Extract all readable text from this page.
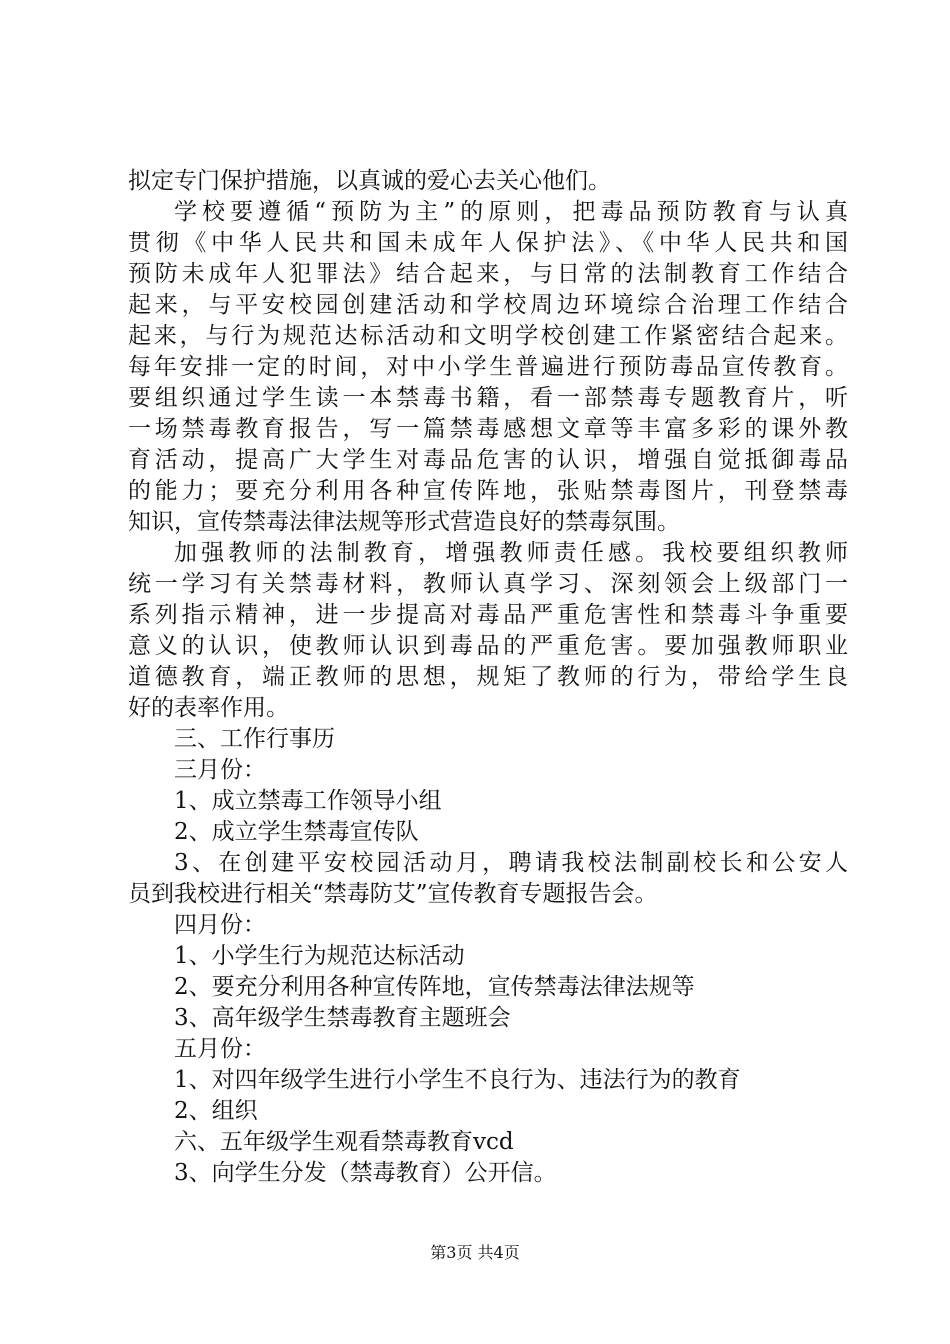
拟定专门保护措施，以真诚的爱心去关心他们。
学校要遵循“预防为主”的原则，把毒品预防教育与认真
贯彻《中华人民共和国未成年人保护法》、《中华人民共和国
预防未成年人犯罪法》结合起来，与日常的法制教育工作结合
起来，与平安校园创建活动和学校周边环境综合治理工作结合
起来，与行为规范达标活动和文明学校创建工作紧密结合起来。
每年安排一定的时间，对中小学生普遍进行预防毒品宣传教育。
要组织通过学生读一本禁毒书籍，看一部禁毒专题教育片，听
一场禁毒教育报告，写一篇禁毒感想文章等丰富多彩的课外教
育活动，提高广大学生对毒品危害的认识，增强自觉抵御毒品
的能力；要充分利用各种宣传阵地，张贴禁毒图片，刊登禁毒
知识，宣传禁毒法律法规等形式营造良好的禁毒氛围。
加强教师的法制教育，增强教师责任感。我校要组织教师
统一学习有关禁毒材料，教师认真学习、深刻领会上级部门一
系列指示精神，进一步提高对毒品严重危害性和禁毒斗争重要
意义的认识，使教师认识到毒品的严重危害。要加强教师职业
道德教育，端正教师的思想，规矩了教师的行为，带给学生良
好的表率作用。
三、工作行事历
三月份：
1、成立禁毒工作领导小组
2、成立学生禁毒宣传队
3、在创建平安校园活动月，聘请我校法制副校长和公安人
员到我校进行相关“禁毒防艾”宣传教育专题报告会。
四月份：
1、小学生行为规范达标活动
2、要充分利用各种宣传阵地，宣传禁毒法律法规等
3、高年级学生禁毒教育主题班会
五月份：
1、对四年级学生进行小学生不良行为、违法行为的教育
2、组织
六、五年级学生观看禁毒教育vcd
3、向学生分发（禁毒教育）公开信。
第3页 共4页
